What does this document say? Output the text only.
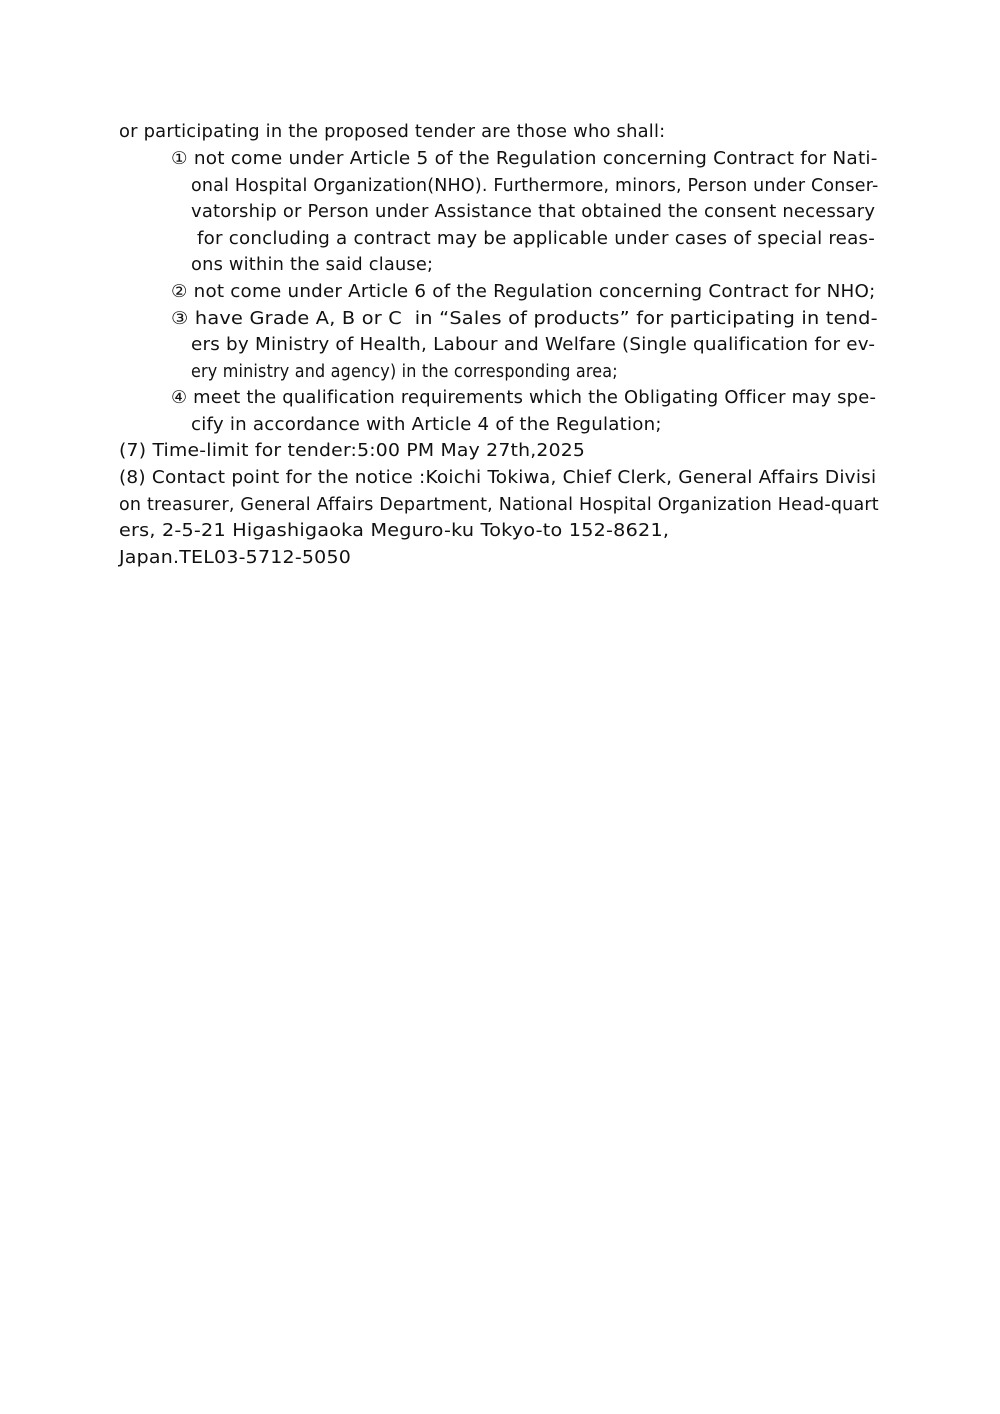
or participating in the proposed tender are those who shall:
① not come under Article 5 of the Regulation concerning Contract for Nati-
onal Hospital Organization(NHO). Furthermore, minors, Person under Conser-
vatorship or Person under Assistance that obtained the consent necessary
for concluding a contract may be applicable under cases of special reas-
ons within the said clause;
② not come under Article 6 of the Regulation concerning Contract for NHO;
③ have Grade A, B or C  in “Sales of products” for participating in tend-
ers by Ministry of Health, Labour and Welfare (Single qualification for ev-
ery ministry and agency) in the corresponding area;
④ meet the qualification requirements which the Obligating Officer may spe-
cify in accordance with Article 4 of the Regulation;
(7) Time-limit for tender:5:00 PM May 27th,2025
(8) Contact point for the notice :Koichi Tokiwa, Chief Clerk, General Affairs Divisi
on treasurer, General Affairs Department, National Hospital Organization Head-quart
ers, 2-5-21 Higashigaoka Meguro-ku Tokyo-to 152-8621,
Japan.TEL03-5712-5050
